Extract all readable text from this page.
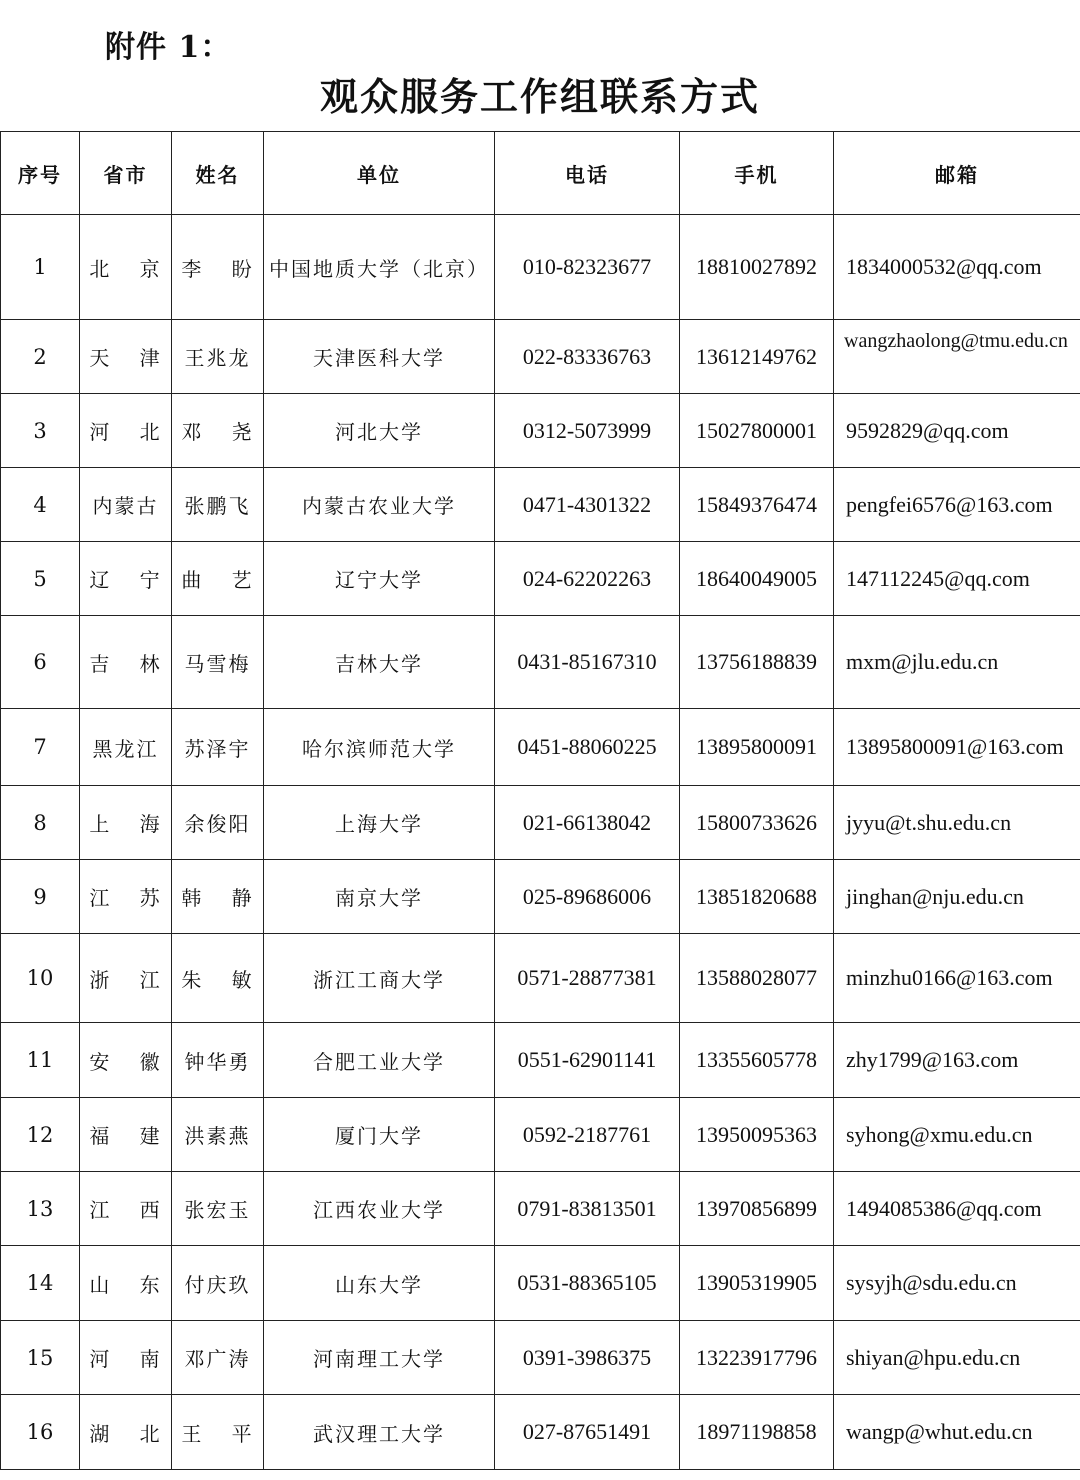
附件 1：
观众服务工作组联系方式
序号	省市	姓名	单位	电话	手机	邮箱
1	北 京	李 盼	中国地质大学（北京）	010-82323677	18810027892	1834000532@qq.com
2	天 津	王兆龙	天津医科大学	022-83336763	13612149762	wangzhaolong@tmu.edu.cn
3	河 北	邓 尧	河北大学	0312-5073999	15027800001	9592829@qq.com
4	内蒙古	张鹏飞	内蒙古农业大学	0471-4301322	15849376474	pengfei6576@163.com
5	辽 宁	曲 艺	辽宁大学	024-62202263	18640049005	147112245@qq.com
6	吉 林	马雪梅	吉林大学	0431-85167310	13756188839	mxm@jlu.edu.cn
7	黑龙江	苏泽宇	哈尔滨师范大学	0451-88060225	13895800091	13895800091@163.com
8	上 海	余俊阳	上海大学	021-66138042	15800733626	jyyu@t.shu.edu.cn
9	江 苏	韩 静	南京大学	025-89686006	13851820688	jinghan@nju.edu.cn
10	浙 江	朱 敏	浙江工商大学	0571-28877381	13588028077	minzhu0166@163.com
11	安 徽	钟华勇	合肥工业大学	0551-62901141	13355605778	zhy1799@163.com
12	福 建	洪素燕	厦门大学	0592-2187761	13950095363	syhong@xmu.edu.cn
13	江 西	张宏玉	江西农业大学	0791-83813501	13970856899	1494085386@qq.com
14	山 东	付庆玖	山东大学	0531-88365105	13905319905	sysyjh@sdu.edu.cn
15	河 南	邓广涛	河南理工大学	0391-3986375	13223917796	shiyan@hpu.edu.cn
16	湖 北	王 平	武汉理工大学	027-87651491	18971198858	wangp@whut.edu.cn
